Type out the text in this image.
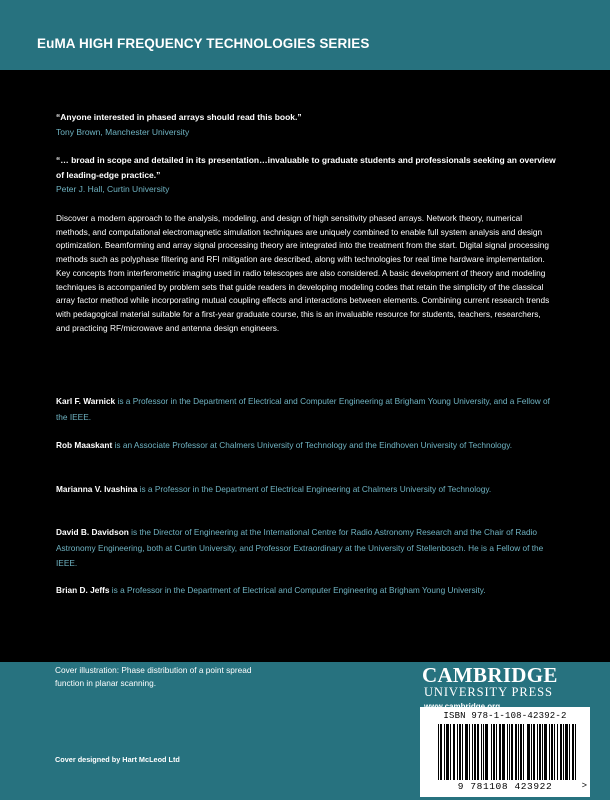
EuMA HIGH FREQUENCY TECHNOLOGIES SERIES
“Anyone interested in phased arrays should read this book.”
Tony Brown, Manchester University
“… broad in scope and detailed in its presentation…invaluable to graduate students and professionals seeking an overview of leading-edge practice.”
Peter J. Hall, Curtin University
Discover a modern approach to the analysis, modeling, and design of high sensitivity phased arrays. Network theory, numerical methods, and computational electromagnetic simulation techniques are uniquely combined to enable full system analysis and design optimization. Beamforming and array signal processing theory are integrated into the treatment from the start. Digital signal processing methods such as polyphase filtering and RFI mitigation are described, along with technologies for real time hardware implementation. Key concepts from interferometric imaging used in radio telescopes are also considered. A basic development of theory and modeling techniques is accompanied by problem sets that guide readers in developing modeling codes that retain the simplicity of the classical array factor method while incorporating mutual coupling effects and interactions between elements. Combining current research trends with pedagogical material suitable for a first-year graduate course, this is an invaluable resource for students, teachers, researchers, and practicing RF/microwave and antenna design engineers.
Karl F. Warnick is a Professor in the Department of Electrical and Computer Engineering at Brigham Young University, and a Fellow of the IEEE.
Rob Maaskant is an Associate Professor at Chalmers University of Technology and the Eindhoven University of Technology.
Marianna V. Ivashina is a Professor in the Department of Electrical Engineering at Chalmers University of Technology.
David B. Davidson is the Director of Engineering at the International Centre for Radio Astronomy Research and the Chair of Radio Astronomy Engineering, both at Curtin University, and Professor Extraordinary at the University of Stellenbosch. He is a Fellow of the IEEE.
Brian D. Jeffs is a Professor in the Department of Electrical and Computer Engineering at Brigham Young University.
Cover illustration: Phase distribution of a point spread function in planar scanning.
Cover designed by Hart McLeod Ltd
CAMBRIDGE
UNIVERSITY PRESS
ISBN 978-1-108-42392-2
9 781108 423922	>
